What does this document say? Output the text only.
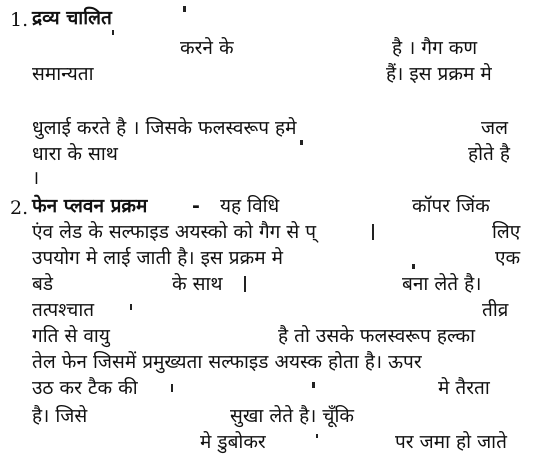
1. द्रव्य चालित
करने के	है । गैग कण
समान्यता	हैं। इस प्रक्रम मे
धुलाई करते है । जिसके फलस्वरूप हमे	जल
धारा के साथ	होते है
।
2. फेन प्लवन प्रक्रम - यह विधि	कॉपर जिंक
एंव लेड के सल्फाइड अयस्को को गैग से प्	लिए
उपयोग मे लाई जाती है। इस प्रक्रम मे	एक
बडे	के साथ	बना लेते है।
तत्पश्चात	तीव्र
गति से वायु	है तो उसके फलस्वरूप हल्का
तेल फेन जिसमें प्रमुख्यता सल्फाइड अयस्क होता है। ऊपर
उठ कर टैक की	मे तैरता
है। जिसे	सुखा लेते है। चूँकि
मे डुबोकर	पर जमा हो जाते
